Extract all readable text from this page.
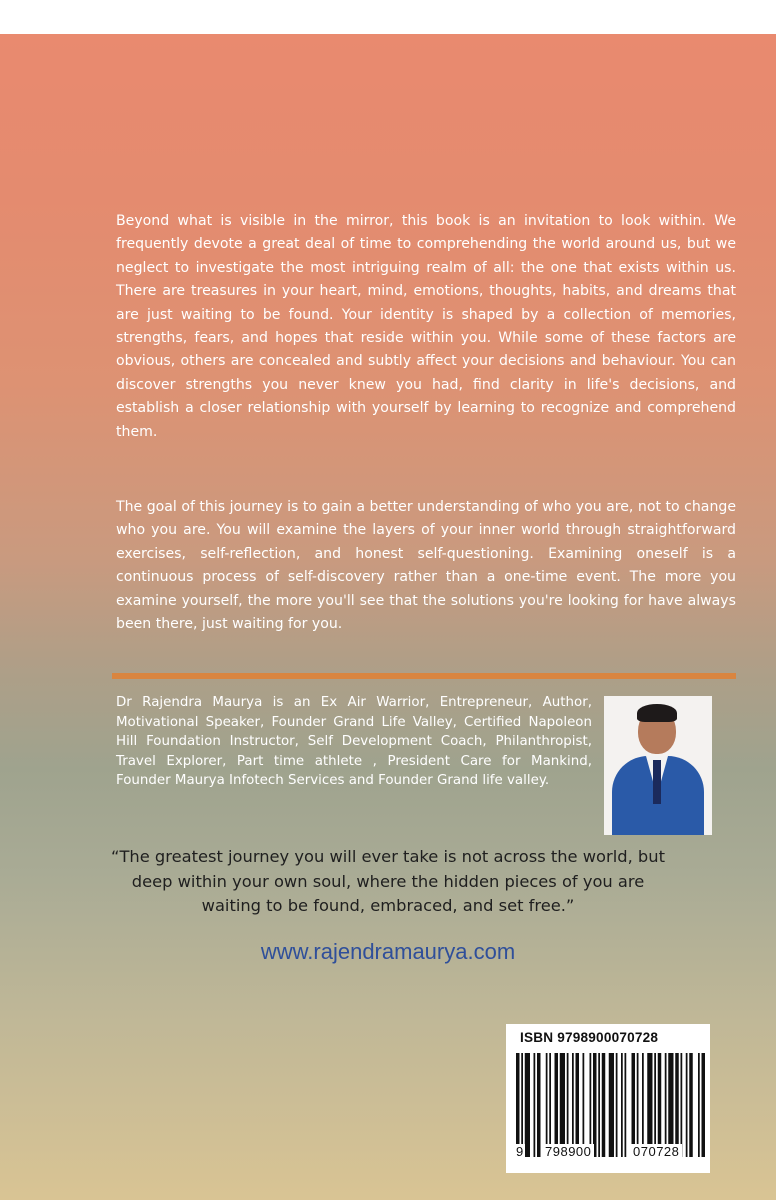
Beyond what is visible in the mirror, this book is an invitation to look within. We frequently devote a great deal of time to comprehending the world around us, but we neglect to investigate the most intriguing realm of all: the one that exists within us. There are treasures in your heart, mind, emotions, thoughts, habits, and dreams that are just waiting to be found. Your identity is shaped by a collection of memories, strengths, fears, and hopes that reside within you. While some of these factors are obvious, others are concealed and subtly affect your decisions and behaviour. You can discover strengths you never knew you had, find clarity in life's decisions, and establish a closer relationship with yourself by learning to recognize and comprehend them.

The goal of this journey is to gain a better understanding of who you are, not to change who you are. You will examine the layers of your inner world through straightforward exercises, self-reflection, and honest self-questioning. Examining oneself is a continuous process of self-discovery rather than a one-time event. The more you examine yourself, the more you'll see that the solutions you're looking for have always been there, just waiting for you.

Dr Rajendra Maurya is an Ex Air Warrior, Entrepreneur, Author, Motivational Speaker, Founder Grand Life Valley, Certified Napoleon Hill Foundation Instructor, Self Development Coach, Philanthropist, Travel Explorer, Part time athlete , President Care for Mankind, Founder Maurya Infotech Services and Founder Grand life valley.

“The greatest journey you will ever take is not across the world, but deep within your own soul, where the hidden pieces of you are waiting to be found, embraced, and set free.”

www.rajendramaurya.com
ISBN 9798900070728
9 798900	070728
